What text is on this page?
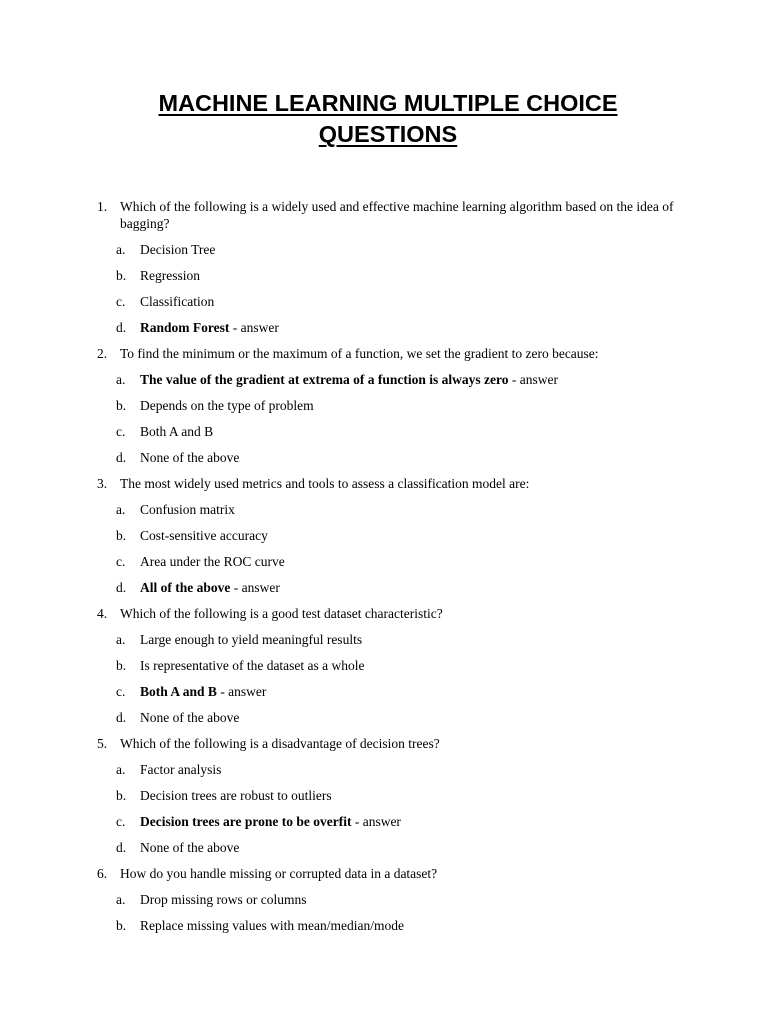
MACHINE LEARNING MULTIPLE CHOICE
QUESTIONS
1. Which of the following is a widely used and effective machine learning algorithm based on the idea of bagging?
a. Decision Tree
b. Regression
c. Classification
d. Random Forest - answer
2. To find the minimum or the maximum of a function, we set the gradient to zero because:
a. The value of the gradient at extrema of a function is always zero - answer
b. Depends on the type of problem
c. Both A and B
d. None of the above
3. The most widely used metrics and tools to assess a classification model are:
a. Confusion matrix
b. Cost-sensitive accuracy
c. Area under the ROC curve
d. All of the above - answer
4. Which of the following is a good test dataset characteristic?
a. Large enough to yield meaningful results
b. Is representative of the dataset as a whole
c. Both A and B - answer
d. None of the above
5. Which of the following is a disadvantage of decision trees?
a. Factor analysis
b. Decision trees are robust to outliers
c. Decision trees are prone to be overfit - answer
d. None of the above
6. How do you handle missing or corrupted data in a dataset?
a. Drop missing rows or columns
b. Replace missing values with mean/median/mode
